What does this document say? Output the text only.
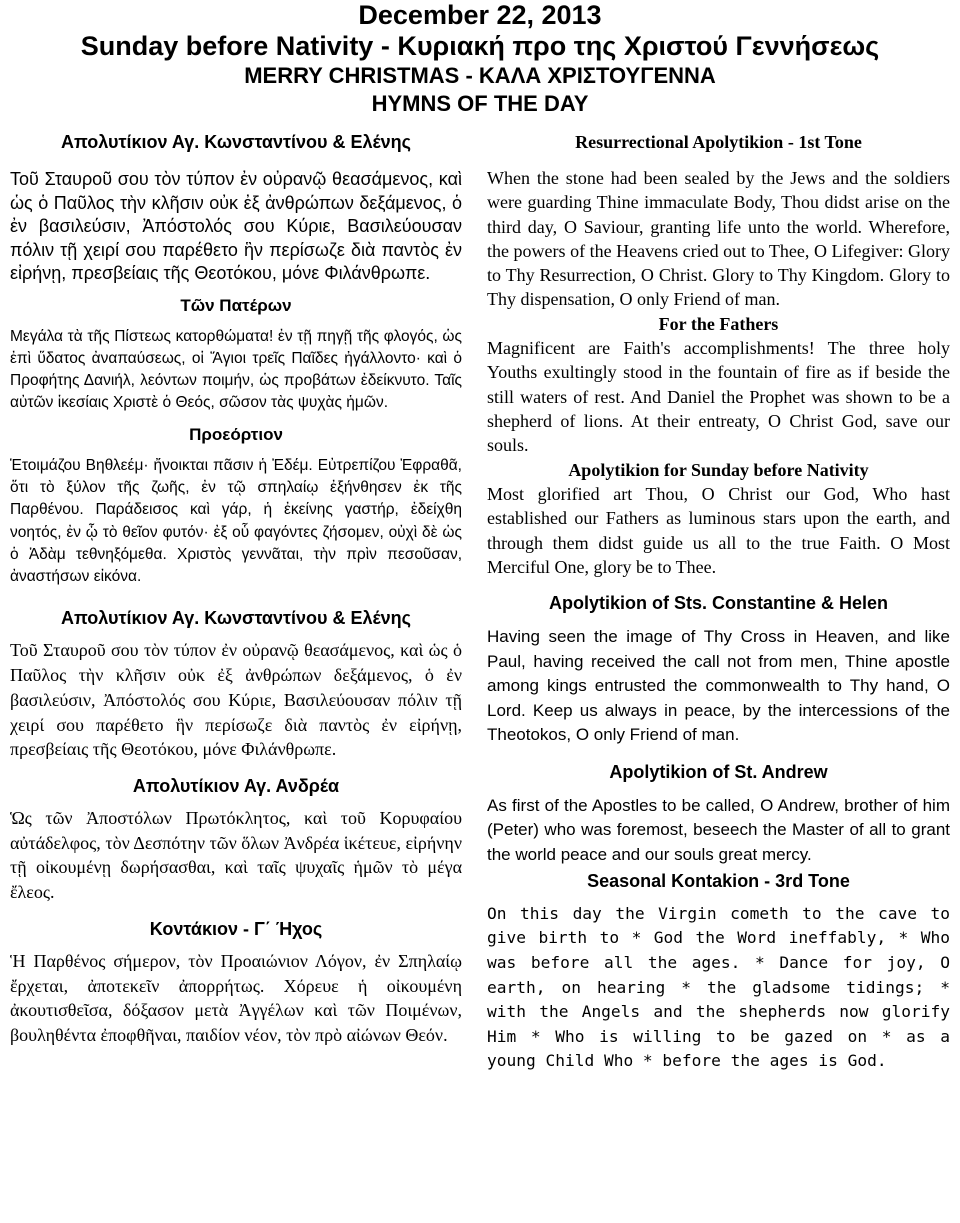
December 22, 2013
Sunday before Nativity - Κυριακή προ της Χριστού Γεννήσεως
MERRY CHRISTMAS - ΚΑΛΑ ΧΡΙΣΤΟΥΓΕΝΝΑ
HYMNS OF THE DAY

Απολυτίκιον Αγ. Κωνσταντίνου & Ελένης

Τοῦ Σταυροῦ σου τὸν τύπον ἐν οὐρανῷ θεασάμενος, καὶ ὡς ὁ Παῦλος τὴν κλῆσιν οὐκ ἐξ ἀνθρώπων δεξάμενος, ὁ ἐν βασιλεύσιν, Ἀπόστολός σου Κύριε, Βασιλεύουσαν πόλιν τῇ χειρί σου παρέθετο ἣν περίσωζε διὰ παντὸς ἐν εἰρήνῃ, πρεσβείαις τῆς Θεοτόκου, μόνε Φιλάνθρωπε.

Τῶν Πατέρων

Μεγάλα τὰ τῆς Πίστεως κατορθώματα! ἐν τῇ πηγῇ τῆς φλογός, ὡς ἐπὶ ὕδατος ἀναπαύσεως, οἱ Ἅγιοι τρεῖς Παῖδες ἠγάλλοντο· καὶ ὁ Προφήτης Δανιήλ, λεόντων ποιμήν, ὡς προβάτων ἐδείκνυτο. Ταῖς αὐτῶν ἱκεσίαις Χριστὲ ὁ Θεός, σῶσον τὰς ψυχὰς ἡμῶν.

Προεόρτιον

Ἑτοιμάζου Βηθλεέμ· ἤνοικται πᾶσιν ἡ Ἐδέμ. Εὐτρεπίζου Ἐφραθᾶ, ὅτι τὸ ξύλον τῆς ζωῆς, ἐν τῷ σπηλαίῳ ἐξήνθησεν ἐκ τῆς Παρθένου. Παράδεισος καὶ γάρ, ἡ ἐκείνης γαστήρ, ἐδείχθη νοητός, ἐν ᾧ τὸ θεῖον φυτόν· ἐξ οὗ φαγόντες ζήσομεν, οὐχὶ δὲ ὡς ὁ Ἀδὰμ τεθνηξόμεθα. Χριστὸς γεννᾶται, τὴν πρὶν πεσοῦσαν, ἀναστήσων εἰκόνα.

Απολυτίκιον Αγ. Κωνσταντίνου & Ελένης

Τοῦ Σταυροῦ σου τὸν τύπον ἐν οὐρανῷ θεασάμενος, καὶ ὡς ὁ Παῦλος τὴν κλῆσιν οὐκ ἐξ ἀνθρώπων δεξάμενος, ὁ ἐν βασιλεύσιν, Ἀπόστολός σου Κύριε, Βασιλεύουσαν πόλιν τῇ χειρί σου παρέθετο ἣν περίσωζε διὰ παντὸς ἐν εἰρήνῃ, πρεσβείαις τῆς Θεοτόκου, μόνε Φιλάνθρωπε.

Απολυτίκιον Αγ. Ανδρέα

Ὡς τῶν Ἀποστόλων Πρωτόκλητος, καὶ τοῦ Κορυφαίου αὐτάδελφος, τὸν Δεσπότην τῶν ὅλων Ἀνδρέα ἱκέτευε, εἰρήνην τῇ οἰκουμένῃ δωρήσασθαι, καὶ ταῖς ψυχαῖς ἡμῶν τὸ μέγα ἔλεος.

Κοντάκιον - Γ΄ Ήχος

Ἡ Παρθένος σήμερον, τὸν Προαιώνιον Λόγον, ἐν Σπηλαίῳ ἔρχεται, ἀποτεκεῖν ἀπορρήτως. Χόρευε ἡ οἰκουμένη ἀκουτισθεῖσα, δόξασον μετὰ Ἀγγέλων καὶ τῶν Ποιμένων, βουληθέντα ἐποφθῆναι, παιδίον νέον, τὸν πρὸ αἰώνων Θεόν.

Resurrectional Apolytikion - 1st Tone

When the stone had been sealed by the Jews and the soldiers were guarding Thine immaculate Body, Thou didst arise on the third day, O Saviour, granting life unto the world. Wherefore, the powers of the Heavens cried out to Thee, O Lifegiver: Glory to Thy Resurrection, O Christ. Glory to Thy Kingdom. Glory to Thy dispensation, O only Friend of man.

For the Fathers

Magnificent are Faith's accomplishments! The three holy Youths exultingly stood in the fountain of fire as if beside the still waters of rest. And Daniel the Prophet was shown to be a shepherd of lions. At their entreaty, O Christ God, save our souls.

Apolytikion for Sunday before Nativity

Most glorified art Thou, O Christ our God, Who hast established our Fathers as luminous stars upon the earth, and through them didst guide us all to the true Faith. O Most Merciful One, glory be to Thee.

Apolytikion of Sts. Constantine & Helen

Having seen the image of Thy Cross in Heaven, and like Paul, having received the call not from men, Thine apostle among kings entrusted the commonwealth to Thy hand, O Lord. Keep us always in peace, by the intercessions of the Theotokos, O only Friend of man.

Apolytikion of St. Andrew

As first of the Apostles to be called, O Andrew, brother of him (Peter) who was foremost, beseech the Master of all to grant the world peace and our souls great mercy.

Seasonal Kontakion - 3rd Tone

On this day the Virgin cometh to the cave to give birth to * God the Word ineffably, * Who was before all the ages. * Dance for joy, O earth, on hearing * the gladsome tidings; * with the Angels and the shepherds now glorify Him * Who is willing to be gazed on * as a young Child Who * before the ages is God.
